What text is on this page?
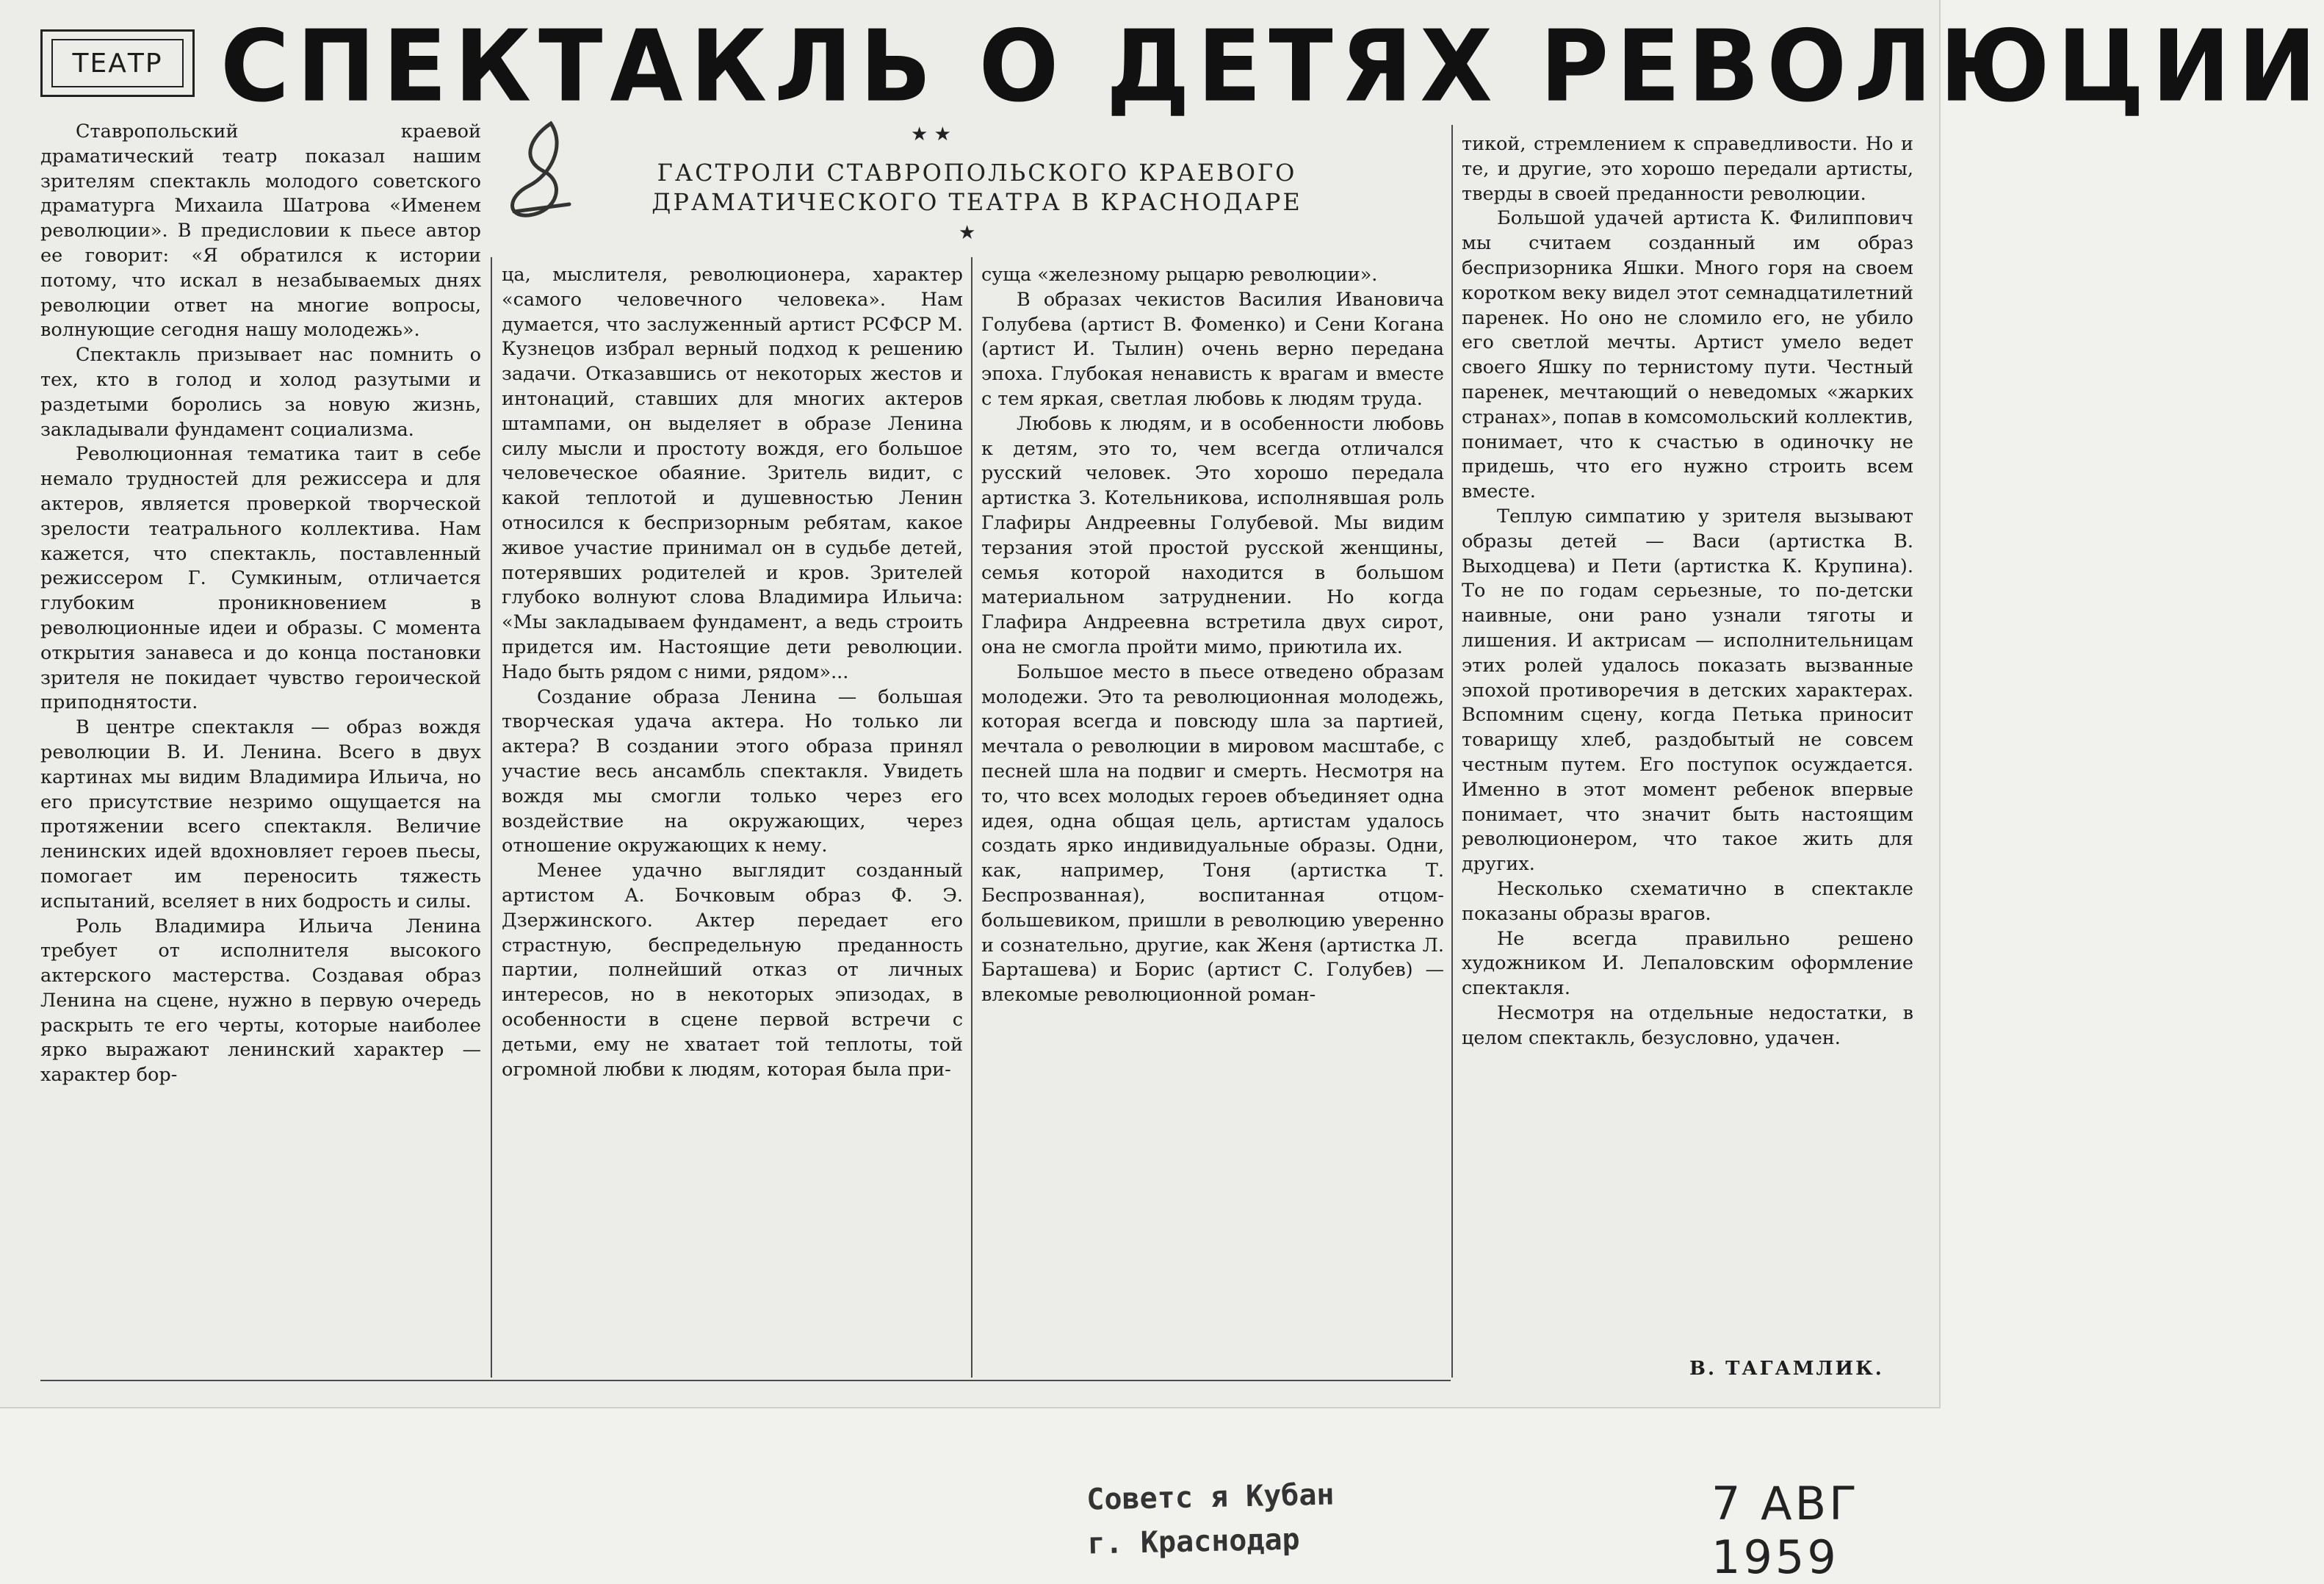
ТЕАТР СПЕКТАКЛЬ О ДЕТЯХ РЕВОЛЮЦИИ
★ ★
ГАСТРОЛИ СТАВРОПОЛЬСКОГО КРАЕВОГО
ДРАМАТИЧЕСКОГО ТЕАТРА В КРАСНОДАРЕ
★

Ставропольский краевой драматический театр показал нашим зрителям спектакль молодого советского драматурга Михаила Шатрова «Именем революции». В предисловии к пьесе автор ее говорит: «Я обратился к истории потому, что искал в незабываемых днях революции ответ на многие вопросы, волнующие сегодня нашу молодежь».

Спектакль призывает нас помнить о тех, кто в голод и холод разутыми и раздетыми боролись за новую жизнь, закладывали фундамент социализма.

Революционная тематика таит в себе немало трудностей для режиссера и для актеров, является проверкой творческой зрелости театрального коллектива. Нам кажется, что спектакль, поставленный режиссером Г. Сумкиным, отличается глубоким проникновением в революционные идеи и образы. С момента открытия занавеса и до конца постановки зрителя не покидает чувство героической приподнятости.

В центре спектакля — образ вождя революции В. И. Ленина. Всего в двух картинах мы видим Владимира Ильича, но его присутствие незримо ощущается на протяжении всего спектакля. Величие ленинских идей вдохновляет героев пьесы, помогает им переносить тяжесть испытаний, вселяет в них бодрость и силы.

Роль Владимира Ильича Ленина требует от исполнителя высокого актерского мастерства. Создавая образ Ленина на сцене, нужно в первую очередь раскрыть те его черты, которые наиболее ярко выражают ленинский характер — характер бор-

ца, мыслителя, революционера, характер «самого человечного человека». Нам думается, что заслуженный артист РСФСР М. Кузнецов избрал верный подход к решению задачи. Отказавшись от некоторых жестов и интонаций, ставших для многих актеров штампами, он выделяет в образе Ленина силу мысли и простоту вождя, его большое человеческое обаяние. Зритель видит, с какой теплотой и душевностью Ленин относился к беспризорным ребятам, какое живое участие принимал он в судьбе детей, потерявших родителей и кров. Зрителей глубоко волнуют слова Владимира Ильича: «Мы закладываем фундамент, а ведь строить придется им. Настоящие дети революции. Надо быть рядом с ними, рядом»...

Создание образа Ленина — большая творческая удача актера. Но только ли актера? В создании этого образа принял участие весь ансамбль спектакля. Увидеть вождя мы смогли только через его воздействие на окружающих, через отношение окружающих к нему.

Менее удачно выглядит созданный артистом А. Бочковым образ Ф. Э. Дзержинского. Актер передает его страстную, беспредельную преданность партии, полнейший отказ от личных интересов, но в некоторых эпизодах, в особенности в сцене первой встречи с детьми, ему не хватает той теплоты, той огромной любви к людям, которая была при-

суща «железному рыцарю революции».

В образах чекистов Василия Ивановича Голубева (артист В. Фоменко) и Сени Когана (артист И. Тылин) очень верно передана эпоха. Глубокая ненависть к врагам и вместе с тем яркая, светлая любовь к людям труда.

Любовь к людям, и в особенности любовь к детям, это то, чем всегда отличался русский человек. Это хорошо передала артистка З. Котельникова, исполнявшая роль Глафиры Андреевны Голубевой. Мы видим терзания этой простой русской женщины, семья которой находится в большом материальном затруднении. Но когда Глафира Андреевна встретила двух сирот, она не смогла пройти мимо, приютила их.

Большое место в пьесе отведено образам молодежи. Это та революционная молодежь, которая всегда и повсюду шла за партией, мечтала о революции в мировом масштабе, с песней шла на подвиг и смерть. Несмотря на то, что всех молодых героев объединяет одна идея, одна общая цель, артистам удалось создать ярко индивидуальные образы. Одни, как, например, Тоня (артистка Т. Беспрозванная), воспитанная отцом-большевиком, пришли в революцию уверенно и сознательно, другие, как Женя (артистка Л. Барташева) и Борис (артист С. Голубев) — влекомые революционной роман-

тикой, стремлением к справедливости. Но и те, и другие, это хорошо передали артисты, тверды в своей преданности революции.

Большой удачей артиста К. Филиппович мы считаем созданный им образ беспризорника Яшки. Много горя на своем коротком веку видел этот семнадцатилетний паренек. Но оно не сломило его, не убило его светлой мечты. Артист умело ведет своего Яшку по тернистому пути. Честный паренек, мечтающий о неведомых «жарких странах», попав в комсомольский коллектив, понимает, что к счастью в одиночку не придешь, что его нужно строить всем вместе.

Теплую симпатию у зрителя вызывают образы детей — Васи (артистка В. Выходцева) и Пети (артистка К. Крупина). То не по годам серьезные, то по-детски наивные, они рано узнали тяготы и лишения. И актрисам — исполнительницам этих ролей удалось показать вызванные эпохой противоречия в детских характерах. Вспомним сцену, когда Петька приносит товарищу хлеб, раздобытый не совсем честным путем. Его поступок осуждается. Именно в этот момент ребенок впервые понимает, что значит быть настоящим революционером, что такое жить для других.

Несколько схематично в спектакле показаны образы врагов.

Не всегда правильно решено художником И. Лепаловским оформление спектакля.

Несмотря на отдельные недостатки, в целом спектакль, безусловно, удачен.

В. ТАГАМЛИК.
Советс я Кубан
г. Краснодар
7 АВГ 1959
